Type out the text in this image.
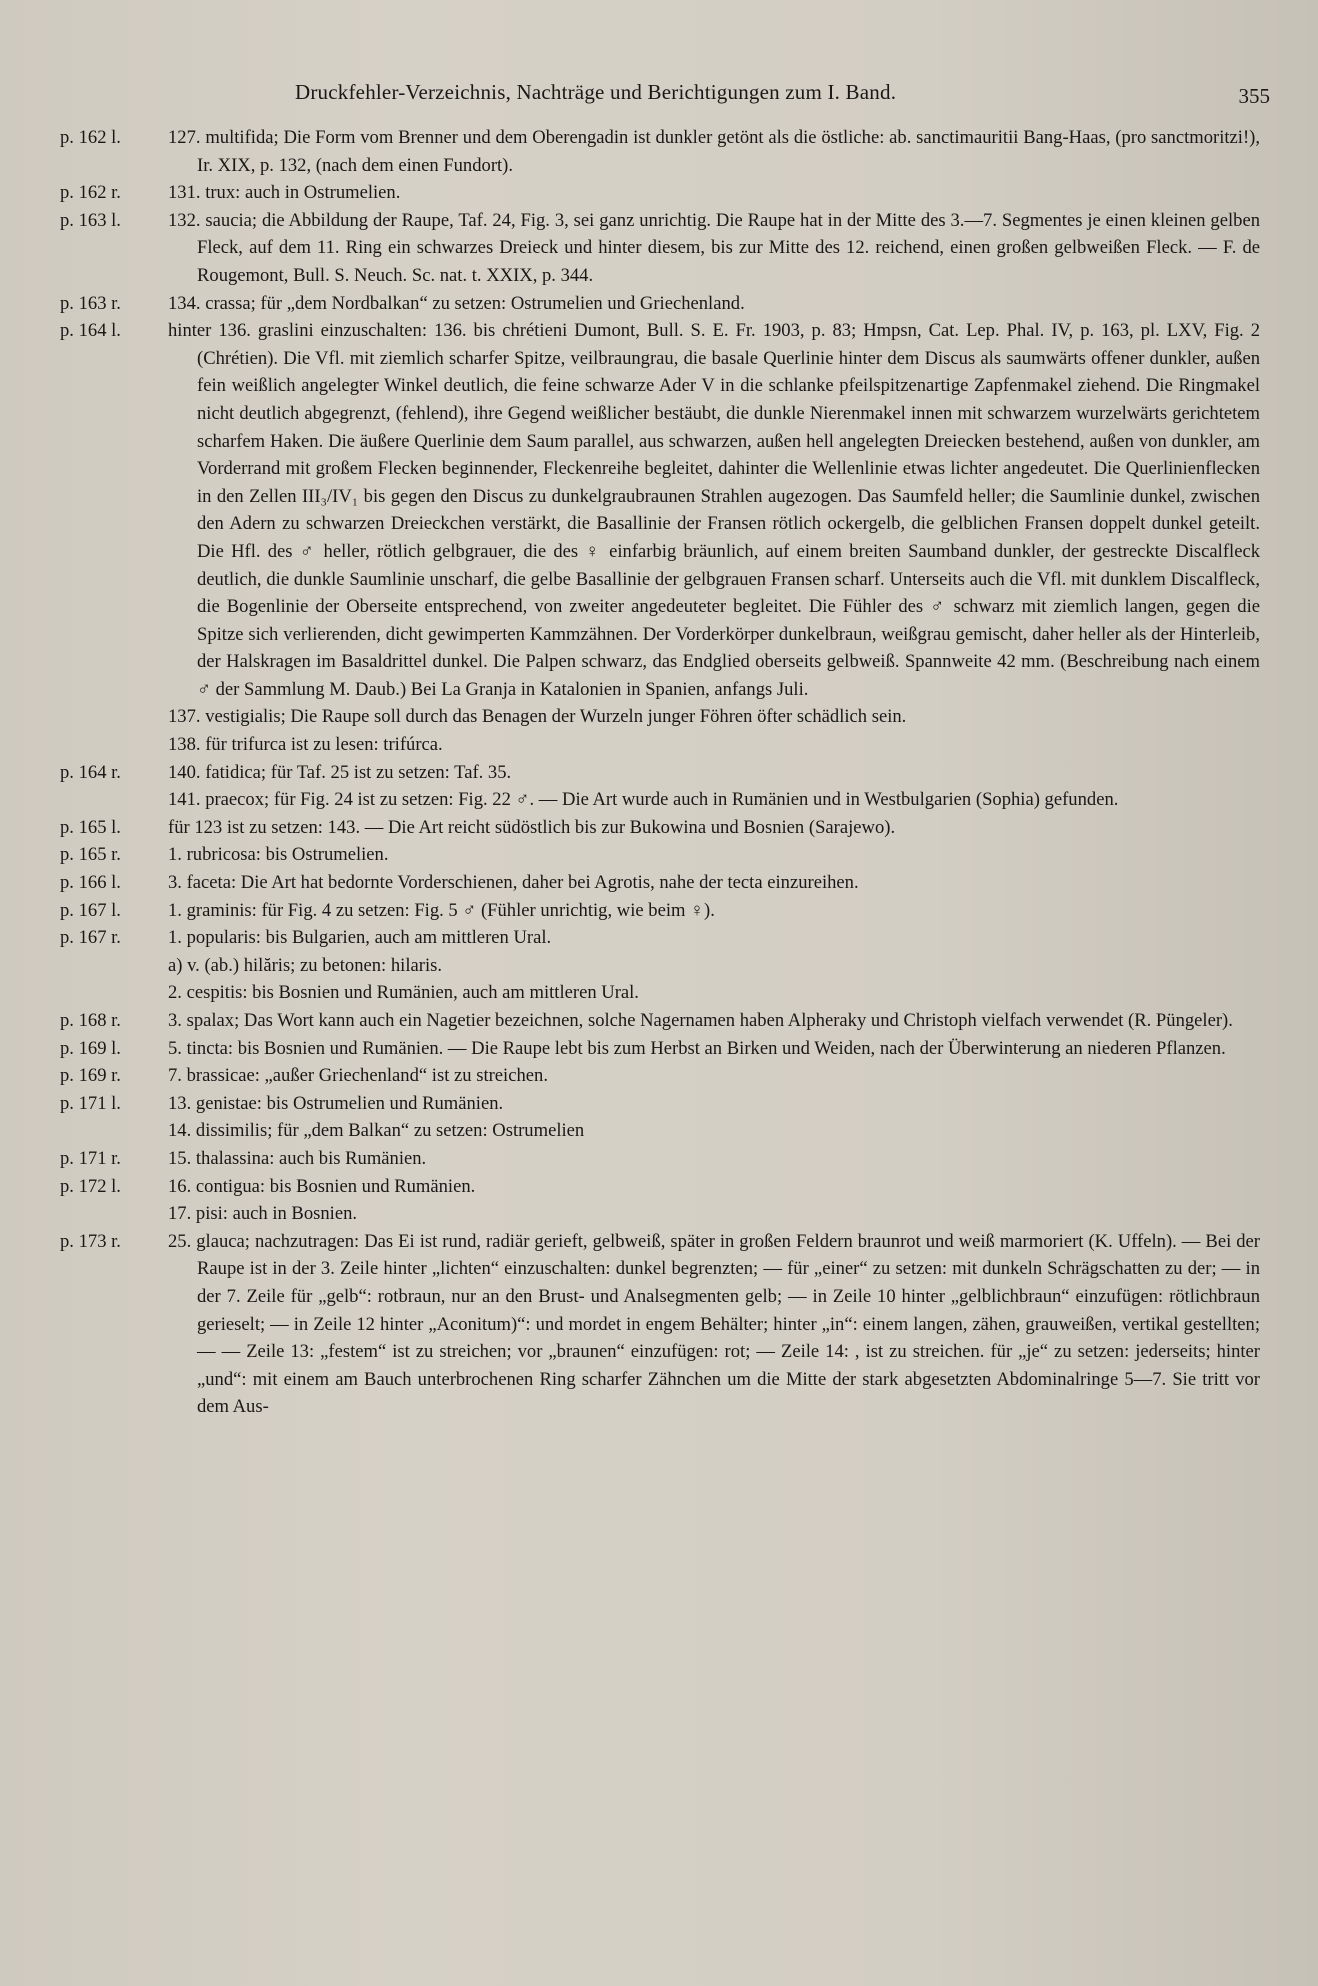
Druckfehler-Verzeichnis, Nachträge und Berichtigungen zum I. Band.	355
p. 162 l.	127. multifida; Die Form vom Brenner und dem Oberengadin ist dunkler getönt als die östliche: ab. sanctimauritii Bang-Haas, (pro sanctmoritzi!), Ir. XIX, p. 132, (nach dem einen Fundort).

p. 162 r.	131. trux: auch in Ostrumelien.

p. 163 l.	132. saucia; die Abbildung der Raupe, Taf. 24, Fig. 3, sei ganz unrichtig. Die Raupe hat in der Mitte des 3.—7. Segmentes je einen kleinen gelben Fleck, auf dem 11. Ring ein schwarzes Dreieck und hinter diesem, bis zur Mitte des 12. reichend, einen großen gelbweißen Fleck. — F. de Rougemont, Bull. S. Neuch. Sc. nat. t. XXIX, p. 344.

p. 163 r.	134. crassa; für „dem Nordbalkan“ zu setzen: Ostrumelien und Griechenland.

p. 164 l.	hinter 136. graslini einzuschalten: 136. bis chrétieni Dumont, Bull. S. E. Fr. 1903, p. 83; Hmpsn, Cat. Lep. Phal. IV, p. 163, pl. LXV, Fig. 2 (Chrétien). Die Vfl. mit ziemlich scharfer Spitze, veilbraungrau, die basale Querlinie hinter dem Discus als saumwärts offener dunkler, außen fein weißlich angelegter Winkel deutlich, die feine schwarze Ader V in die schlanke pfeilspitzenartige Zapfenmakel ziehend. Die Ringmakel nicht deutlich abgegrenzt, (fehlend), ihre Gegend weißlicher bestäubt, die dunkle Nierenmakel innen mit schwarzem wurzelwärts gerichtetem scharfem Haken. Die äußere Querlinie dem Saum parallel, aus schwarzen, außen hell angelegten Dreiecken bestehend, außen von dunkler, am Vorderrand mit großem Flecken beginnender, Fleckenreihe begleitet, dahinter die Wellenlinie etwas lichter angedeutet. Die Querlinienflecken in den Zellen III₃/IV₁ bis gegen den Discus zu dunkelgraubraunen Strahlen augezogen. Das Saumfeld heller; die Saumlinie dunkel, zwischen den Adern zu schwarzen Dreieckchen verstärkt, die Basallinie der Fransen rötlich ockergelb, die gelblichen Fransen doppelt dunkel geteilt. Die Hfl. des ♂ heller, rötlich gelbgrauer, die des ♀ einfarbig bräunlich, auf einem breiten Saumband dunkler, der gestreckte Discalfleck deutlich, die dunkle Saumlinie unscharf, die gelbe Basallinie der gelbgrauen Fransen scharf. Unterseits auch die Vfl. mit dunklem Discalfleck, die Bogenlinie der Oberseite entsprechend, von zweiter angedeuteter begleitet. Die Fühler des ♂ schwarz mit ziemlich langen, gegen die Spitze sich verlierenden, dicht gewimperten Kammzähnen. Der Vorderkörper dunkelbraun, weißgrau gemischt, daher heller als der Hinterleib, der Halskragen im Basaldrittel dunkel. Die Palpen schwarz, das Endglied oberseits gelbweiß. Spannweite 42 mm. (Beschreibung nach einem ♂ der Sammlung M. Daub.) Bei La Granja in Katalonien in Spanien, anfangs Juli.

137. vestigialis; Die Raupe soll durch das Benagen der Wurzeln junger Föhren öfter schädlich sein.

138. für trifurca ist zu lesen: trifúrca.

p. 164 r.	140. fatidica; für Taf. 25 ist zu setzen: Taf. 35.

141. praecox; für Fig. 24 ist zu setzen: Fig. 22 ♂. — Die Art wurde auch in Rumänien und in Westbulgarien (Sophia) gefunden.

p. 165 l.	für 123 ist zu setzen: 143. — Die Art reicht südöstlich bis zur Bukowina und Bosnien (Sarajewo).

p. 165 r.	1. rubricosa: bis Ostrumelien.

p. 166 l.	3. faceta: Die Art hat bedornte Vorderschienen, daher bei Agrotis, nahe der tecta einzureihen.

p. 167 l.	1. graminis: für Fig. 4 zu setzen: Fig. 5 ♂ (Fühler unrichtig, wie beim ♀).

p. 167 r.	1. popularis: bis Bulgarien, auch am mittleren Ural.

a) v. (ab.) hilăris; zu betonen: hilaris.

2. cespitis: bis Bosnien und Rumänien, auch am mittleren Ural.

p. 168 r.	3. spalax; Das Wort kann auch ein Nagetier bezeichnen, solche Nagernamen haben Alpheraky und Christoph vielfach verwendet (R. Püngeler).

p. 169 l.	5. tincta: bis Bosnien und Rumänien. — Die Raupe lebt bis zum Herbst an Birken und Weiden, nach der Überwinterung an niederen Pflanzen.

p. 169 r.	7. brassicae: „außer Griechenland“ ist zu streichen.

p. 171 l.	13. genistae: bis Ostrumelien und Rumänien.

14. dissimilis; für „dem Balkan“ zu setzen: Ostrumelien

p. 171 r.	15. thalassina: auch bis Rumänien.

p. 172 l.	16. contigua: bis Bosnien und Rumänien.

17. pisi: auch in Bosnien.

p. 173 r.	25. glauca; nachzutragen: Das Ei ist rund, radiär gerieft, gelbweiß, später in großen Feldern braunrot und weiß marmoriert (K. Uffeln). — Bei der Raupe ist in der 3. Zeile hinter „lichten“ einzuschalten: dunkel begrenzten; — für „einer“ zu setzen: mit dunkeln Schrägschatten zu der; — in der 7. Zeile für „gelb“: rotbraun, nur an den Brust- und Analsegmenten gelb; — in Zeile 10 hinter „gelblichbraun“ einzufügen: rötlichbraun gerieselt; — in Zeile 12 hinter „Aconitum)“: und mordet in engem Behälter; hinter „in“: einem langen, zähen, grauweißen, vertikal gestellten; — — Zeile 13: „festem“ ist zu streichen; vor „braunen“ einzufügen: rot; — Zeile 14: , ist zu streichen. für „je“ zu setzen: jederseits; hinter „und“: mit einem am Bauch unterbrochenen Ring scharfer Zähnchen um die Mitte der stark abgesetzten Abdominalringe 5—7. Sie tritt vor dem Aus-
